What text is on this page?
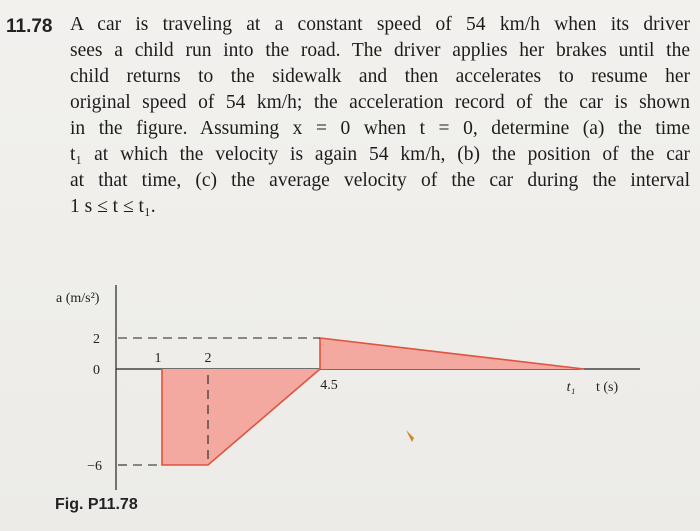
11.78 A car is traveling at a constant speed of 54 km/h when its driver
sees a child run into the road. The driver applies her brakes until the
child returns to the sidewalk and then accelerates to resume her
original speed of 54 km/h; the acceleration record of the car is shown
in the figure. Assuming x = 0 when t = 0, determine (a) the time
t₁ at which the velocity is again 54 km/h, (b) the position of the car
at that time, (c) the average velocity of the car during the interval
1 s ≤ t ≤ t₁.
a (m/s²)
t (s)
2
0
−6
1	2
4.5	t₁
Fig. P11.78
